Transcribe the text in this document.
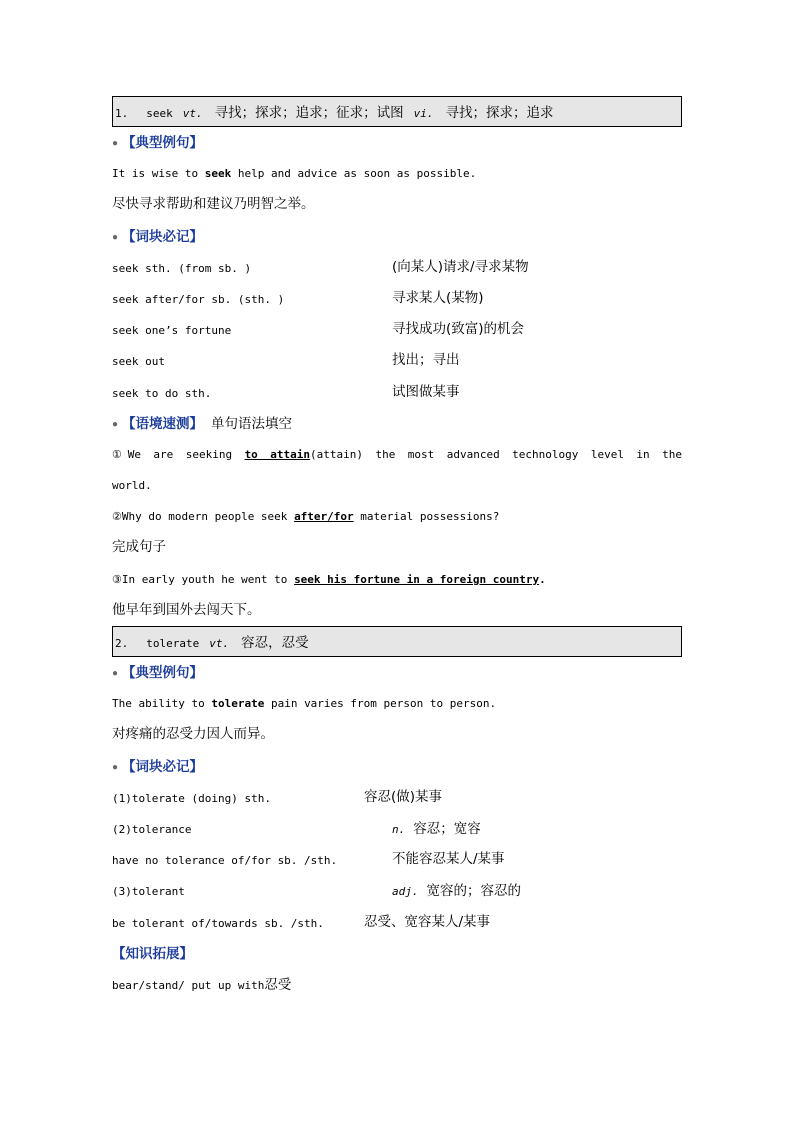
1. seek vt. 寻找；探求；追求；征求；试图 vi. 寻找；探求；追求
● 【典型例句】
It is wise to seek help and advice as soon as possible.
尽快寻求帮助和建议乃明智之举。
● 【词块必记】
seek sth. (from sb. )	(向某人)请求/寻求某物
seek after/for sb. (sth. )	寻求某人(某物)
seek one’s fortune	寻找成功(致富)的机会
seek out	找出；寻出
seek to do sth.	试图做某事
● 【语境速测】 单句语法填空
①We are seeking to attain(attain) the most advanced technology level in the
world.
②Why do modern people seek after/for material possessions?
完成句子
③In early youth he went to seek his fortune in a foreign country.
他早年到国外去闯天下。
2. tolerate vt. 容忍，忍受
● 【典型例句】
The ability to tolerate pain varies from person to person.
对疼痛的忍受力因人而异。
● 【词块必记】
(1)tolerate (doing) sth.	容忍(做)某事
(2)tolerance	n. 容忍；宽容
have no tolerance of/for sb. /sth.	不能容忍某人/某事
(3)tolerant	adj. 宽容的；容忍的
be tolerant of/towards sb. /sth.	忍受、宽容某人/某事
【知识拓展】
bear/stand/ put up with忍受
